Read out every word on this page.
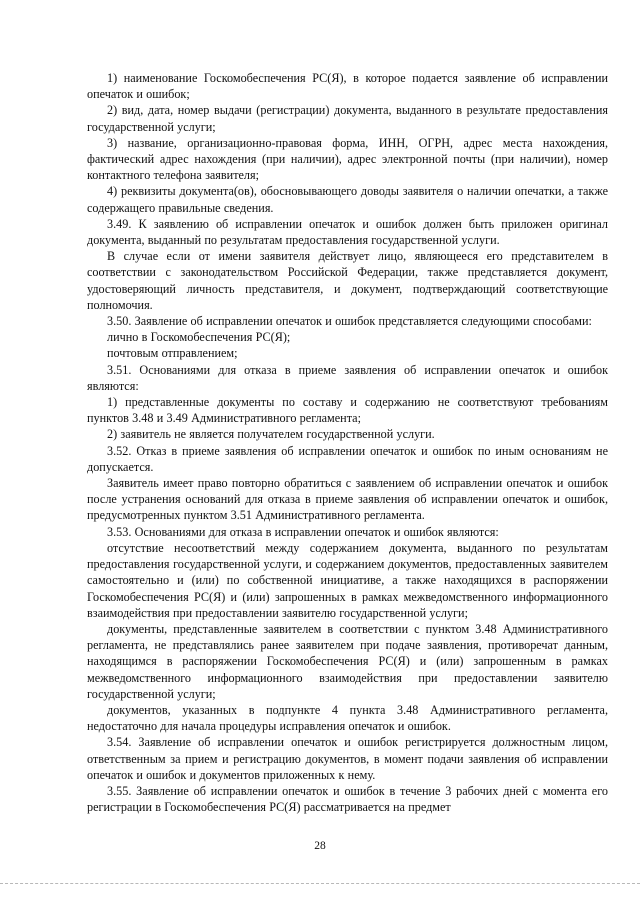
1) наименование Госкомобеспечения РС(Я), в которое подается заявление об исправлении опечаток и ошибок;

2) вид, дата, номер выдачи (регистрации) документа, выданного в результате предоставления государственной услуги;

3) название, организационно-правовая форма, ИНН, ОГРН, адрес места нахождения, фактический адрес нахождения (при наличии), адрес электронной почты (при наличии), номер контактного телефона заявителя;

4) реквизиты документа(ов), обосновывающего доводы заявителя о наличии опечатки, а также содержащего правильные сведения.

3.49. К заявлению об исправлении опечаток и ошибок должен быть приложен оригинал документа, выданный по результатам предоставления государственной услуги.

В случае если от имени заявителя действует лицо, являющееся его представителем в соответствии с законодательством Российской Федерации, также представляется документ, удостоверяющий личность представителя, и документ, подтверждающий соответствующие полномочия.

3.50. Заявление об исправлении опечаток и ошибок представляется следующими способами:

лично в Госкомобеспечения РС(Я);

почтовым отправлением;

3.51. Основаниями для отказа в приеме заявления об исправлении опечаток и ошибок являются:

1) представленные документы по составу и содержанию не соответствуют требованиям пунктов 3.48 и 3.49 Административного регламента;

2) заявитель не является получателем государственной услуги.

3.52. Отказ в приеме заявления об исправлении опечаток и ошибок по иным основаниям не допускается.

Заявитель имеет право повторно обратиться с заявлением об исправлении опечаток и ошибок после устранения оснований для отказа в приеме заявления об исправлении опечаток и ошибок, предусмотренных пунктом 3.51 Административного регламента.

3.53. Основаниями для отказа в исправлении опечаток и ошибок являются:

отсутствие несоответствий между содержанием документа, выданного по результатам предоставления государственной услуги, и содержанием документов, предоставленных заявителем самостоятельно и (или) по собственной инициативе, а также находящихся в распоряжении Госкомобеспечения РС(Я) и (или) запрошенных в рамках межведомственного информационного взаимодействия при предоставлении заявителю государственной услуги;

документы, представленные заявителем в соответствии с пунктом 3.48 Административного регламента, не представлялись ранее заявителем при подаче заявления, противоречат данным, находящимся в распоряжении Госкомобеспечения РС(Я) и (или) запрошенным в рамках межведомственного информационного взаимодействия при предоставлении заявителю государственной услуги;

документов, указанных в подпункте 4 пункта 3.48 Административного регламента, недостаточно для начала процедуры исправления опечаток и ошибок.

3.54. Заявление об исправлении опечаток и ошибок регистрируется должностным лицом, ответственным за прием и регистрацию документов, в момент подачи заявления об исправлении опечаток и ошибок и документов приложенных к нему.

3.55. Заявление об исправлении опечаток и ошибок в течение 3 рабочих дней с момента его регистрации в Госкомобеспечения РС(Я) рассматривается на предмет

28
